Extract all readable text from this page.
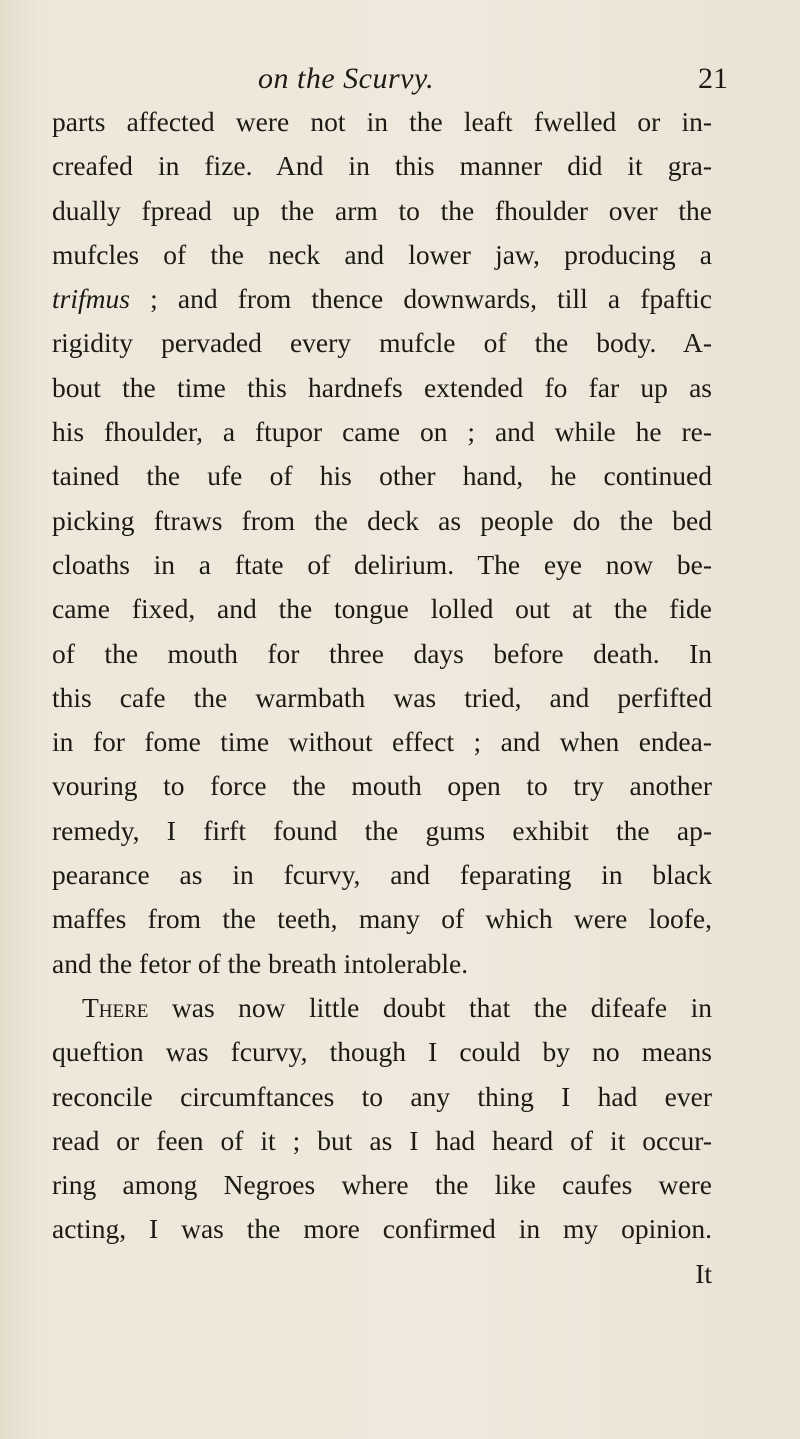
on the Scurvy.	21
parts affected were not in the leaft fwelled or in-
creafed in fize. And in this manner did it gra-
dually fpread up the arm to the fhoulder over the
mufcles of the neck and lower jaw, producing a
trifmus ; and from thence downwards, till a fpaftic
rigidity pervaded every mufcle of the body. A-
bout the time this hardnefs extended fo far up as
his fhoulder, a ftupor came on ; and while he re-
tained the ufe of his other hand, he continued
picking ftraws from the deck as people do the bed
cloaths in a ftate of delirium. The eye now be-
came fixed, and the tongue lolled out at the fide
of the mouth for three days before death. In
this cafe the warmbath was tried, and perfifted
in for fome time without effect ; and when endea-
vouring to force the mouth open to try another
remedy, I firft found the gums exhibit the ap-
pearance as in fcurvy, and feparating in black
maffes from the teeth, many of which were loofe,
and the fetor of the breath intolerable.
There was now little doubt that the difeafe in
queftion was fcurvy, though I could by no means
reconcile circumftances to any thing I had ever
read or feen of it ; but as I had heard of it occur-
ring among Negroes where the like caufes were
acting, I was the more confirmed in my opinion.
It
